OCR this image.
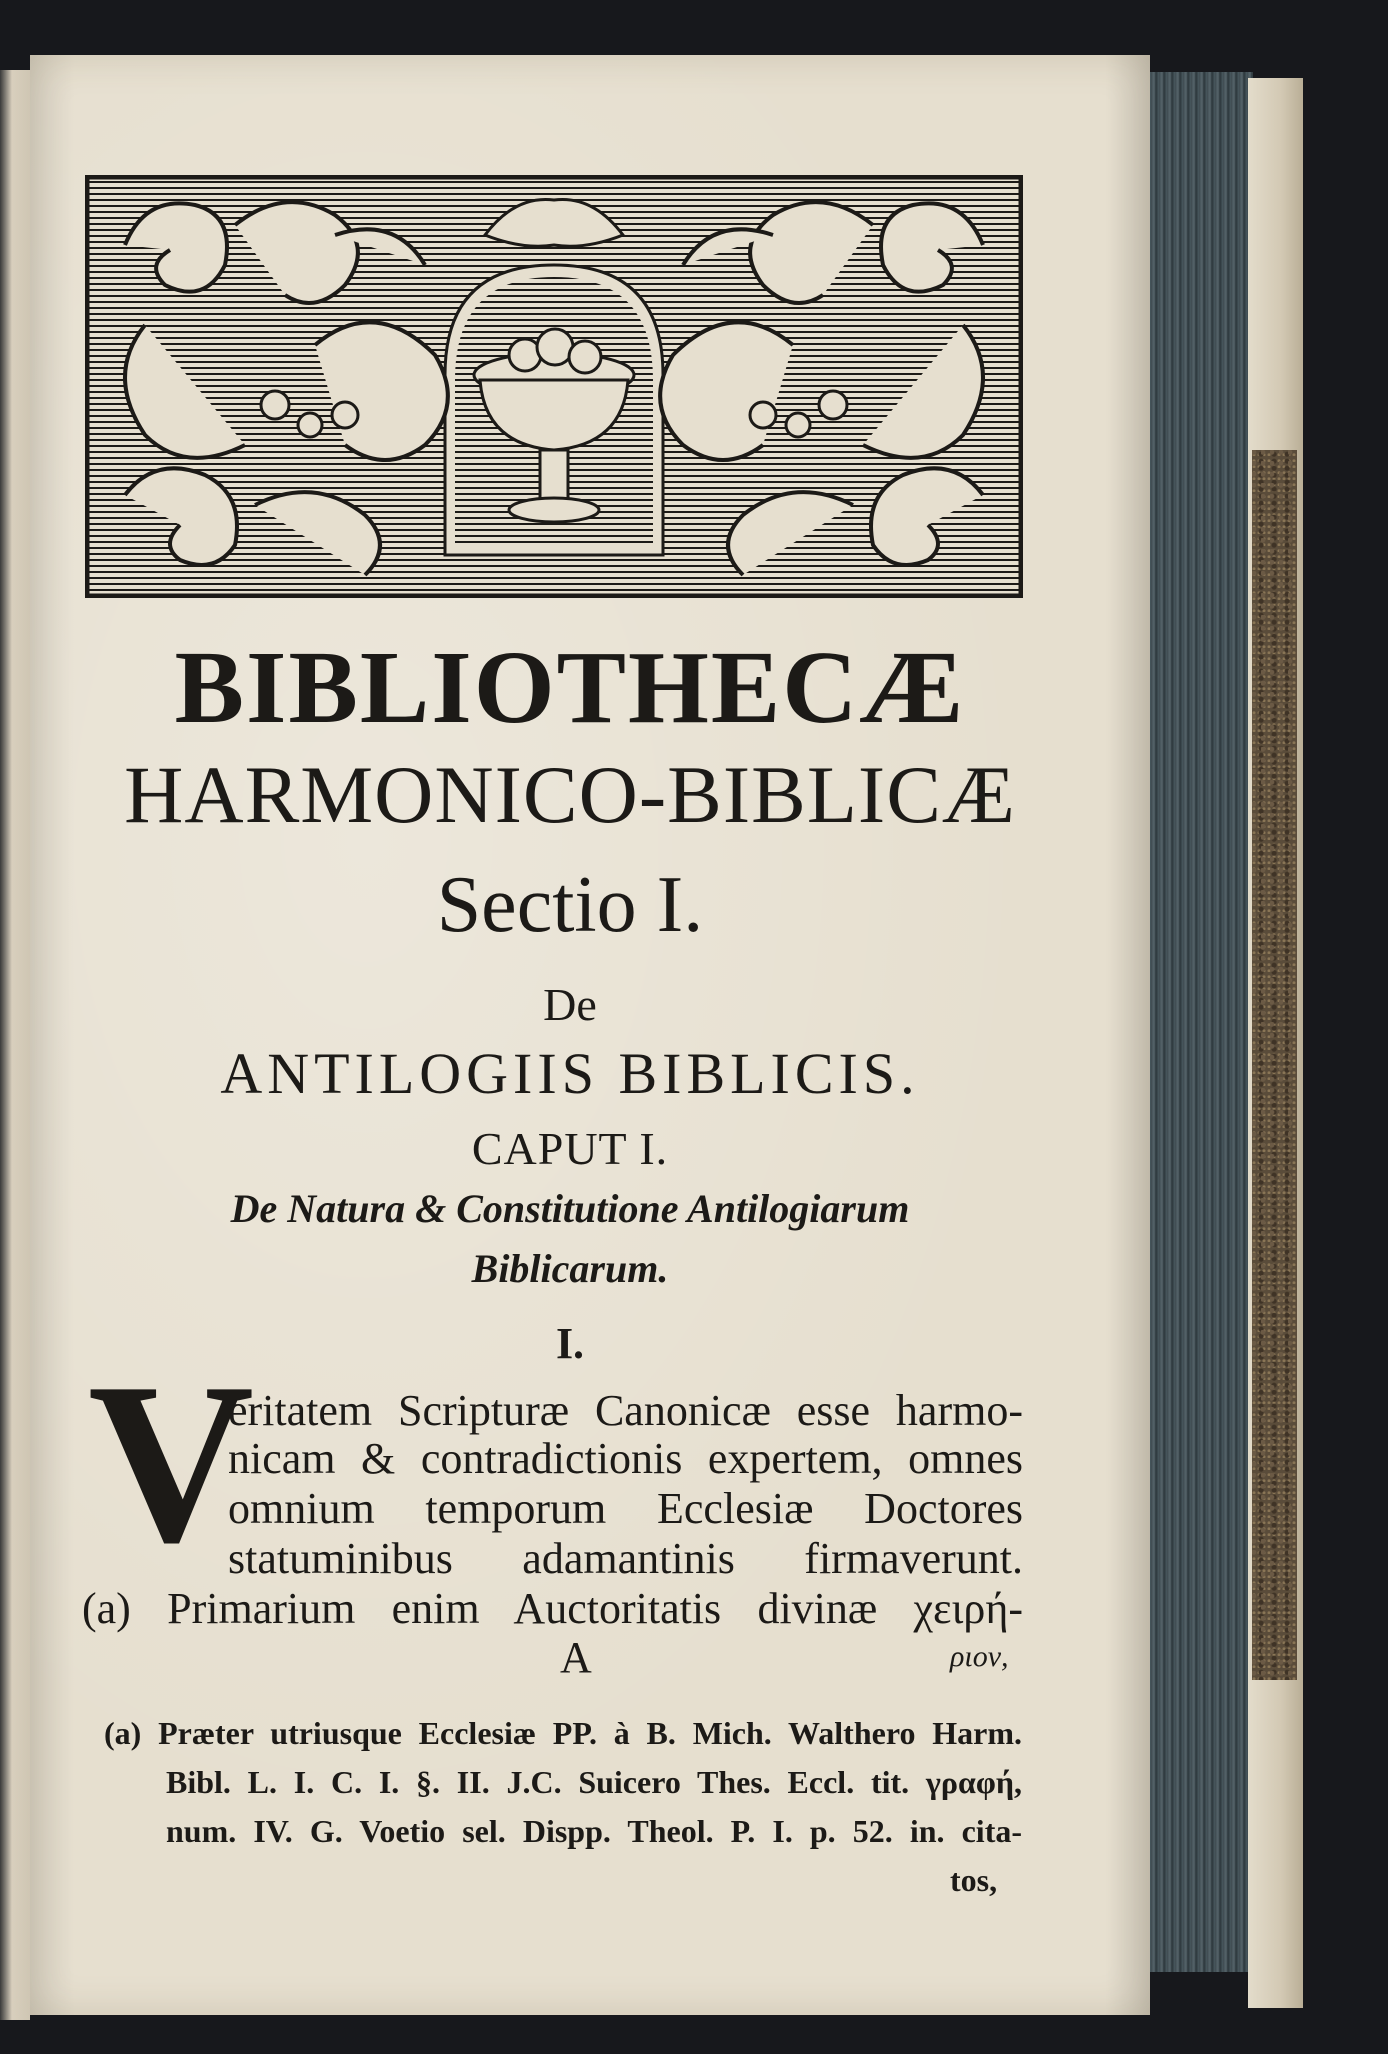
BIBLIOTHECÆ
HARMONICO-BIBLICÆ
Sectio I.
De
ANTILOGIIS BIBLICIS.
CAPUT I.
De Natura & Constitutione Antilogiarum
Biblicarum.
I.
V
eritatem Scripturæ Canonicæ esse harmo-
nicam & contradictionis expertem, omnes
omnium temporum Ecclesiæ Doctores
statuminibus adamantinis firmaverunt.
(a) Primarium enim Auctoritatis divinæ χειρή-
A	ριον,
(a) Præter utriusque Ecclesiæ PP. à B. Mich. Walthero Harm.
Bibl. L. I. C. I. §. II. J.C. Suicero Thes. Eccl. tit. γραφή,
num. IV. G. Voetio sel. Dispp. Theol. P. I. p. 52. in. cita-
tos,
